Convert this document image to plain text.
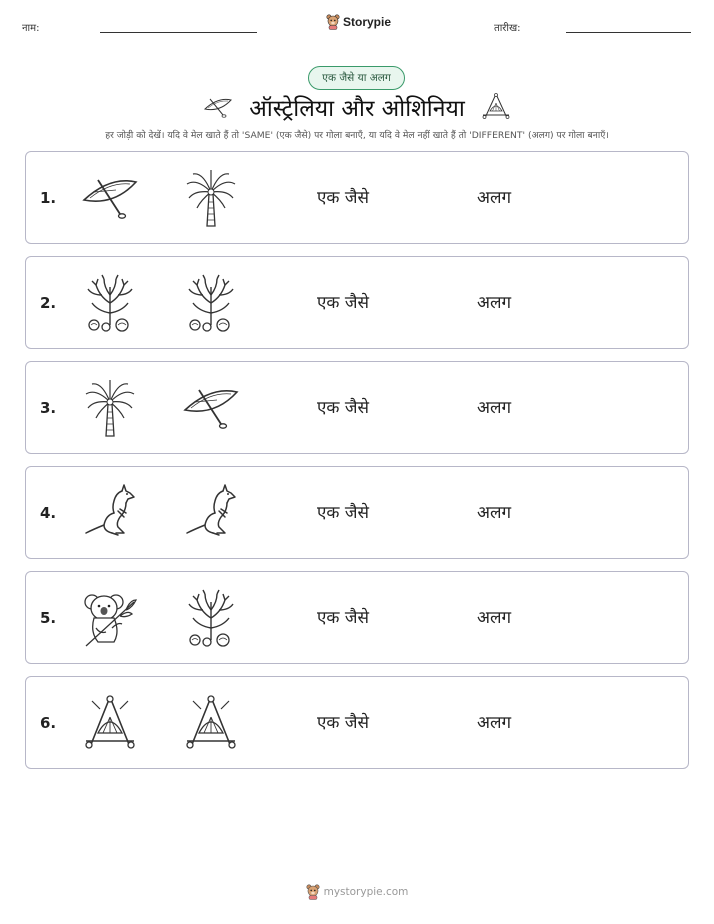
नाम:	Storypie	तारीख:
एक जैसे या अलग
ऑस्ट्रेलिया और ओशिनिया
हर जोड़ी को देखें। यदि वे मेल खाते हैं तो 'SAME' (एक जैसे) पर गोला बनाएँ, या यदि वे मेल नहीं खाते हैं तो 'DIFFERENT' (अलग) पर गोला बनाएँ।
1.	एक जैसे	अलग
2.	एक जैसे	अलग
3.	एक जैसे	अलग
4.	एक जैसे	अलग
5.	एक जैसे	अलग
6.	एक जैसे	अलग
mystorypie.com
